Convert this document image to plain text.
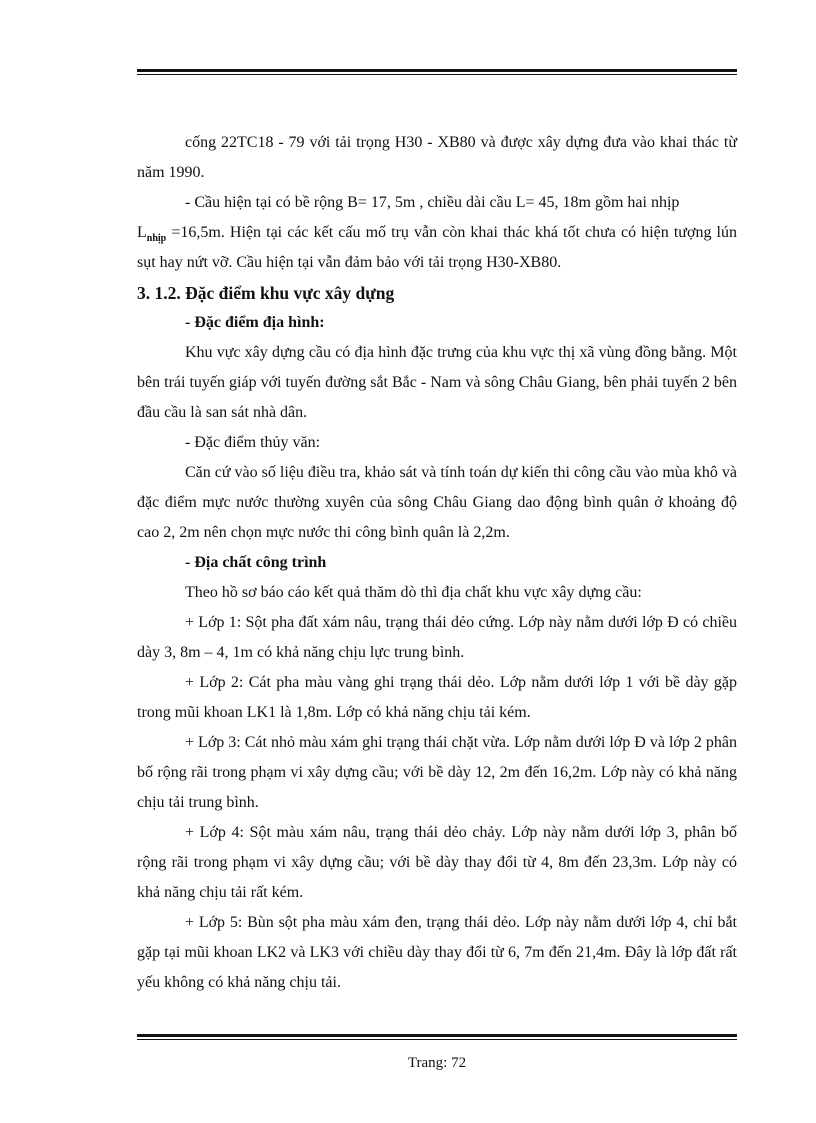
cống 22TC18 - 79 với tải trọng H30 - XB80 và được xây dựng đưa vào khai thác từ năm 1990.

- Cầu hiện tại có bề rộng B= 17, 5m , chiều dài cầu L= 45, 18m gồm hai nhịp

$L_{nhịp} =16,5m$. Hiện tại các kết cấu mố trụ vẫn còn khai thác khá tốt chưa có hiện tượng lún sụt hay nứt vỡ. Cầu hiện tại vẫn đảm bảo với tải trọng H30-XB80.

3. 1.2. Đặc điểm khu vực xây dựng

- Đặc điểm địa hình:

Khu vực xây dựng cầu có địa hình đặc trưng của khu vực thị xã vùng đồng bằng. Một bên trái tuyến giáp với tuyến đường sắt Bắc - Nam và sông Châu Giang, bên phải tuyến 2 bên đầu cầu là san sát nhà dân.

- Đặc điểm thủy văn:

Căn cứ vào số liệu điều tra, khảo sát và tính toán dự kiến thi công cầu vào mùa khô và đặc điểm mực nước thường xuyên của sông Châu Giang dao động bình quân ở khoảng độ cao 2, 2m nên chọn mực nước thi công bình quân là 2,2m.

- Địa chất công trình

Theo hồ sơ báo cáo kết quả thăm dò thì địa chất khu vực xây dựng cầu:

+ Lớp 1: Sột pha đất xám nâu, trạng thái dẻo cứng. Lớp này nằm dưới lớp Đ có chiều dày 3, 8m – 4, 1m có khả năng chịu lực trung bình.

+ Lớp 2: Cát pha màu vàng ghi trạng thái dẻo. Lớp nằm dưới lớp 1 với bề dày gặp trong mũi khoan LK1 là 1,8m. Lớp có khả năng chịu tải kém.

+ Lớp 3: Cát nhỏ màu xám ghi trạng thái chặt vừa. Lớp nằm dưới lớp Đ và lớp 2 phân bố rộng rãi trong phạm vi xây dựng cầu; với bề dày 12, 2m đến 16,2m. Lớp này có khả năng chịu tải trung bình.

+ Lớp 4: Sột màu xám nâu, trạng thái dẻo chảy. Lớp này nằm dưới lớp 3, phân bố rộng rãi trong phạm vi xây dựng cầu; với bề dày thay đổi từ 4, 8m đến 23,3m. Lớp này có khả năng chịu tải rất kém.

+ Lớp 5: Bùn sột pha màu xám đen, trạng thái dẻo. Lớp này nằm dưới lớp 4, chỉ bắt gặp tại mũi khoan LK2 và LK3 với chiều dày thay đổi từ 6, 7m đến 21,4m. Đây là lớp đất rất yếu không có khả năng chịu tải.

Trang: 72
